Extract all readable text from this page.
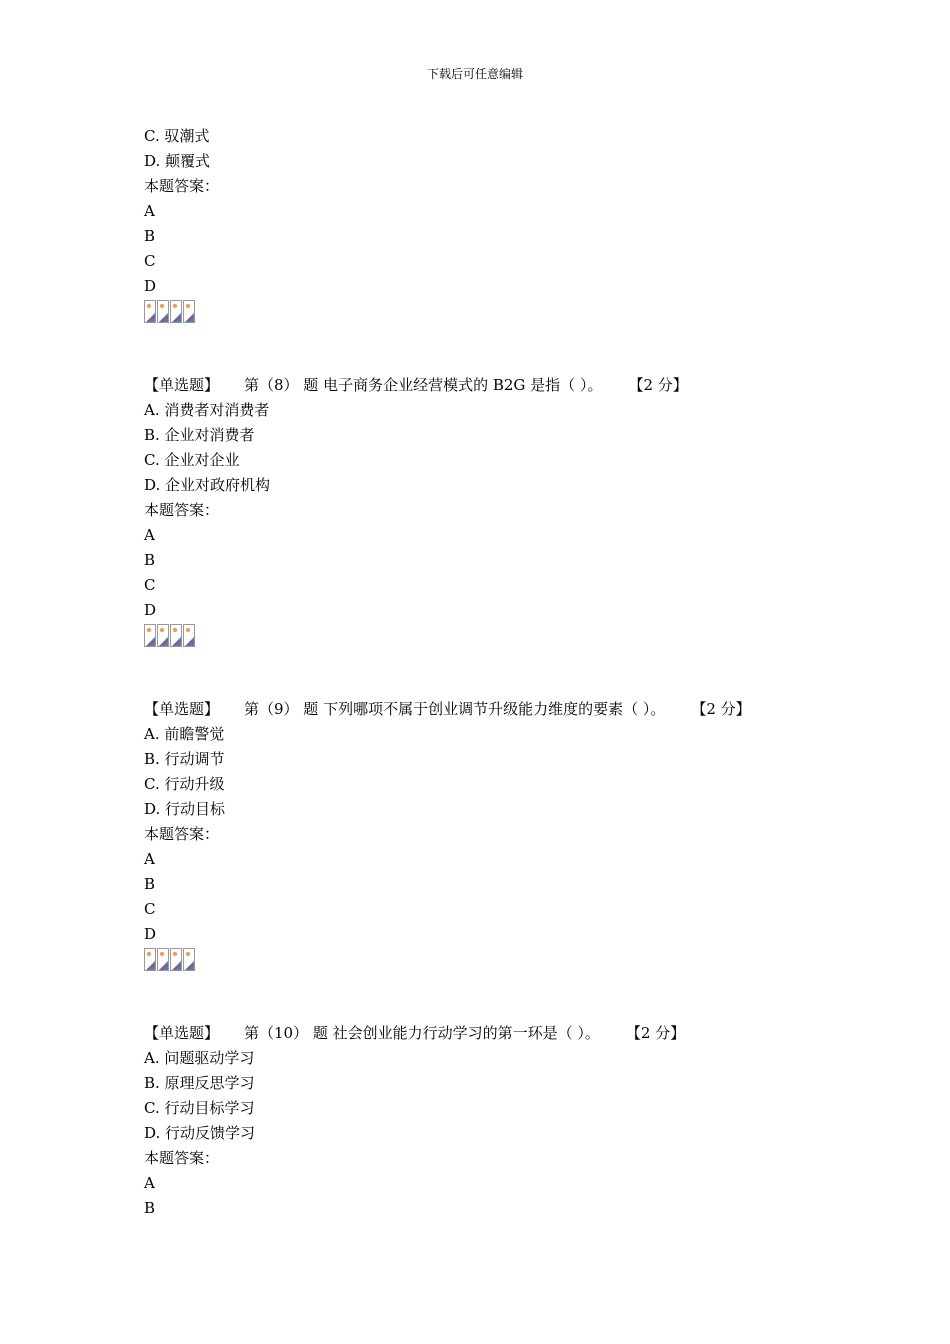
下载后可任意编辑
C. 驭潮式
D. 颠覆式
本题答案：
A
B
C
D
【单选题】	第（8） 题
电子商务企业经营模式的 B2G 是指（ ）。 【2 分】
A. 消费者对消费者
B. 企业对消费者
C. 企业对企业
D. 企业对政府机构
本题答案：
A
B
C
D
【单选题】	第（9） 题
下列哪项不属于创业调节升级能力维度的要素（ ）。 【2 分】
A. 前瞻警觉
B. 行动调节
C. 行动升级
D. 行动目标
本题答案：
A
B
C
D
【单选题】	第（10） 题
社会创业能力行动学习的第一环是（ ）。 【2 分】
A. 问题驱动学习
B. 原理反思学习
C. 行动目标学习
D. 行动反馈学习
本题答案：
A
B
